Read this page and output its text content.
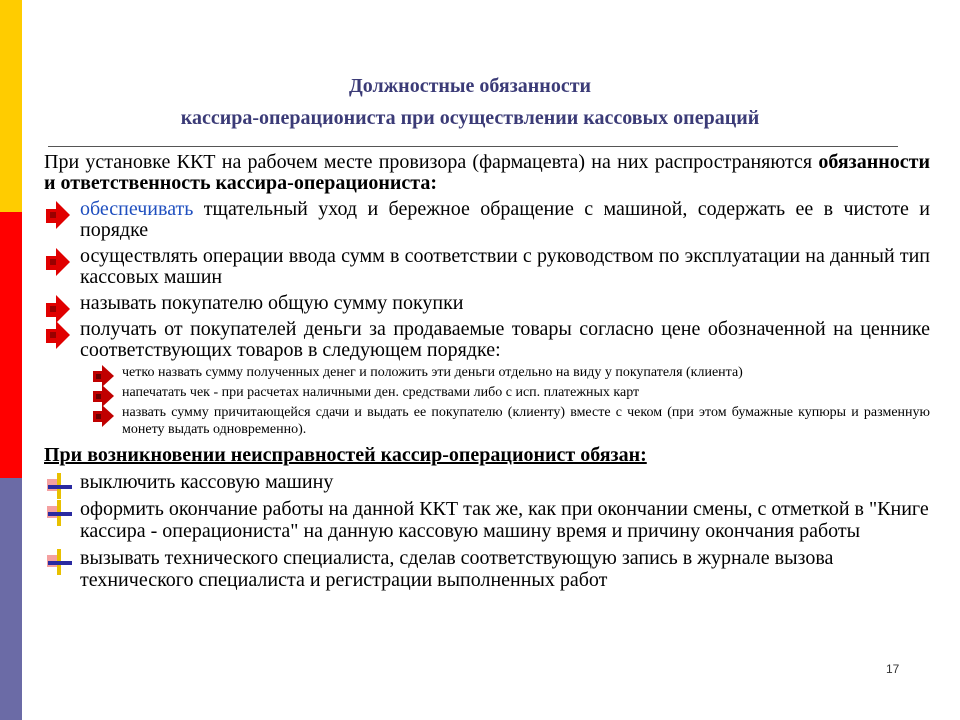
Должностные обязанности
кассира-операциониста при осуществлении кассовых операций
При установке ККТ на рабочем месте провизора (фармацевта) на них распространяются обязанности и ответственность кассира-операциониста:
обеспечивать тщательный уход и бережное обращение с машиной, содержать ее в чистоте и порядке
осуществлять операции ввода сумм в соответствии с руководством по эксплуатации на данный тип кассовых машин
называть покупателю общую сумму покупки
получать от покупателей деньги за продаваемые товары согласно цене обозначенной на ценнике соответствующих товаров в следующем порядке:
четко назвать сумму полученных денег и положить эти деньги отдельно на виду у покупателя (клиента)
напечатать чек - при расчетах наличными ден. средствами либо с исп. платежных карт
назвать сумму причитающейся сдачи и выдать ее покупателю (клиенту) вместе с чеком (при этом бумажные купюры и разменную монету выдать одновременно).
При возникновении неисправностей кассир-операционист обязан:
выключить кассовую машину
оформить окончание работы на данной ККТ так же, как при окончании смены, с отметкой в "Книге кассира - операциониста" на данную кассовую машину время и причину окончания работы
вызывать технического специалиста, сделав соответствующую запись в журнале вызова технического специалиста и регистрации выполненных работ
17
